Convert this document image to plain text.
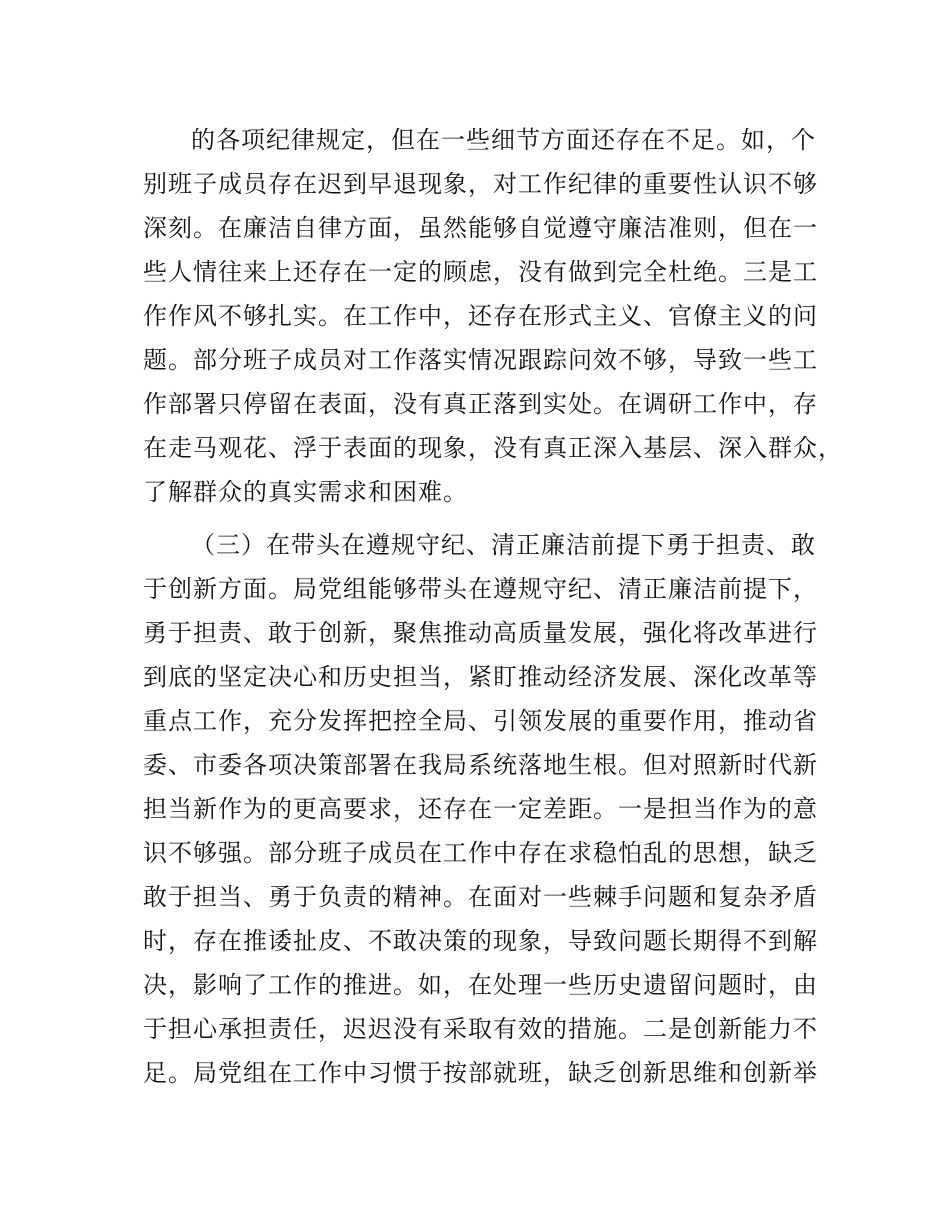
的各项纪律规定，但在一些细节方面还存在不足。如，个
别班子成员存在迟到早退现象，对工作纪律的重要性认识不够
深刻。在廉洁自律方面，虽然能够自觉遵守廉洁准则，但在一
些人情往来上还存在一定的顾虑，没有做到完全杜绝。三是工
作作风不够扎实。在工作中，还存在形式主义、官僚主义的问
题。部分班子成员对工作落实情况跟踪问效不够，导致一些工
作部署只停留在表面，没有真正落到实处。在调研工作中，存
在走马观花、浮于表面的现象，没有真正深入基层、深入群众，
了解群众的真实需求和困难。
（三）在带头在遵规守纪、清正廉洁前提下勇于担责、敢
于创新方面。局党组能够带头在遵规守纪、清正廉洁前提下，
勇于担责、敢于创新，聚焦推动高质量发展，强化将改革进行
到底的坚定决心和历史担当，紧盯推动经济发展、深化改革等
重点工作，充分发挥把控全局、引领发展的重要作用，推动省
委、市委各项决策部署在我局系统落地生根。但对照新时代新
担当新作为的更高要求，还存在一定差距。一是担当作为的意
识不够强。部分班子成员在工作中存在求稳怕乱的思想，缺乏
敢于担当、勇于负责的精神。在面对一些棘手问题和复杂矛盾
时，存在推诿扯皮、不敢决策的现象，导致问题长期得不到解
决，影响了工作的推进。如，在处理一些历史遗留问题时，由
于担心承担责任，迟迟没有采取有效的措施。二是创新能力不
足。局党组在工作中习惯于按部就班，缺乏创新思维和创新举
